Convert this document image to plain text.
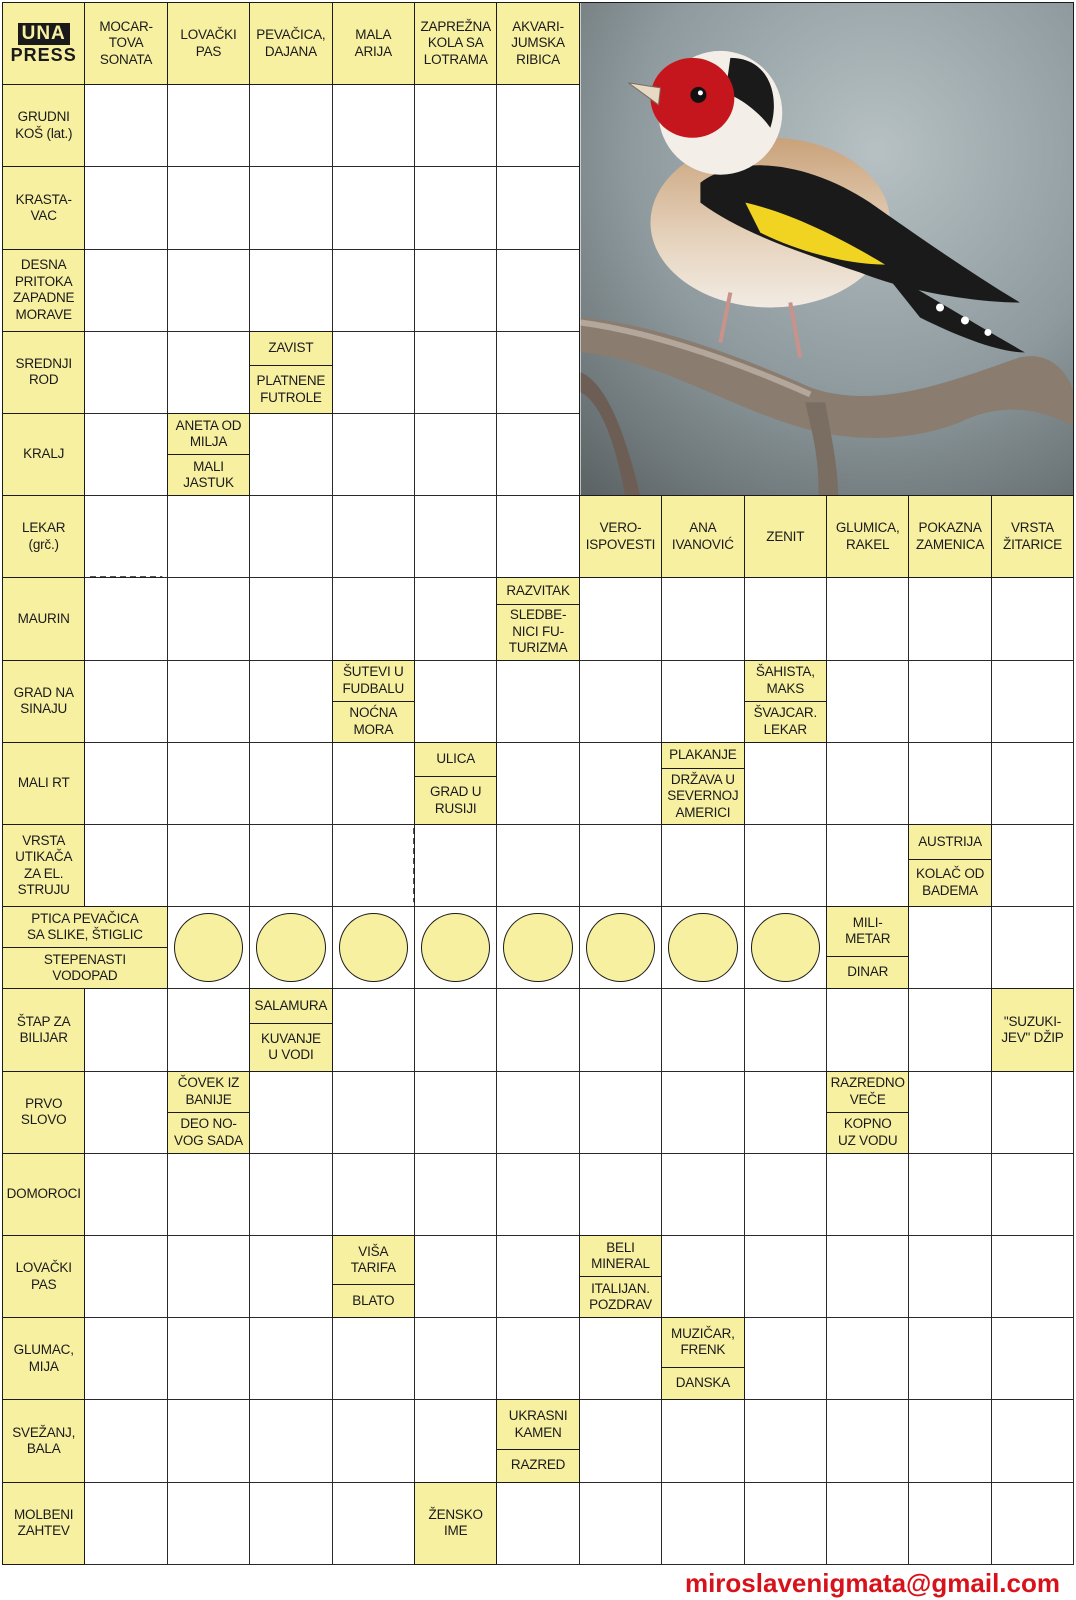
MOCAR-
TOVA
SONATA
LOVAČKI
PAS
PEVAČICA,
DAJANA
MALA
ARIJA
ZAPREŽNA
KOLA SA
LOTRAMA
AKVARI-
JUMSKA
RIBICA
GRUDNI
KOŠ (lat.)
KRASTA-
VAC
DESNA
PRITOKA
ZAPADNE
MORAVE
SREDNJI
ROD
KRALJ
LEKAR
(grč.)
MAURIN
GRAD NA
SINAJU
MALI RT
VRSTA
UTIKAČA
ZA EL.
STRUJU
PTICA PEVAČICA
SA SLIKE, ŠTIGLIC
STEPENASTI
VODOPAD
ŠTAP ZA
BILIJAR
PRVO
SLOVO
DOMOROCI
LOVAČKI
PAS
GLUMAC,
MIJA
SVEŽANJ,
BALA
MOLBENI
ZAHTEV
VERO-
ISPOVESTI
ANA
IVANOVIĆ
ZENIT
GLUMICA,
RAKEL
POKAZNA
ZAMENICA
VRSTA
ŽITARICE
ZAVIST
PLATNENE
FUTROLE
ANETA OD
MILJA
MALI
JASTUK
RAZVITAK
SLEDBE-
NICI FU-
TURIZMA
ŠUTEVI U
FUDBALU
NOĆNA
MORA
ŠAHISTA,
MAKS
ŠVAJCAR.
LEKAR
ULICA
GRAD U
RUSIJI
PLAKANJE
DRŽAVA U
SEVERNOJ
AMERICI
AUSTRIJA
KOLAČ OD
BADEMA
MILI-
METAR
DINAR
SALAMURA
KUVANJE
U VODI
"SUZUKI-
JEV" DŽIP
ČOVEK IZ
BANIJE
DEO NO-
VOG SADA
RAZREDNO
VEČE
KOPNO
UZ VODU
VIŠA
TARIFA
BLATO
BELI
MINERAL
ITALIJAN.
POZDRAV
MUZIČAR,
FRENK
DANSKA
UKRASNI
KAMEN
RAZRED
ŽENSKO
IME
UNA
PRESS
miroslavenigmata@gmail.com
